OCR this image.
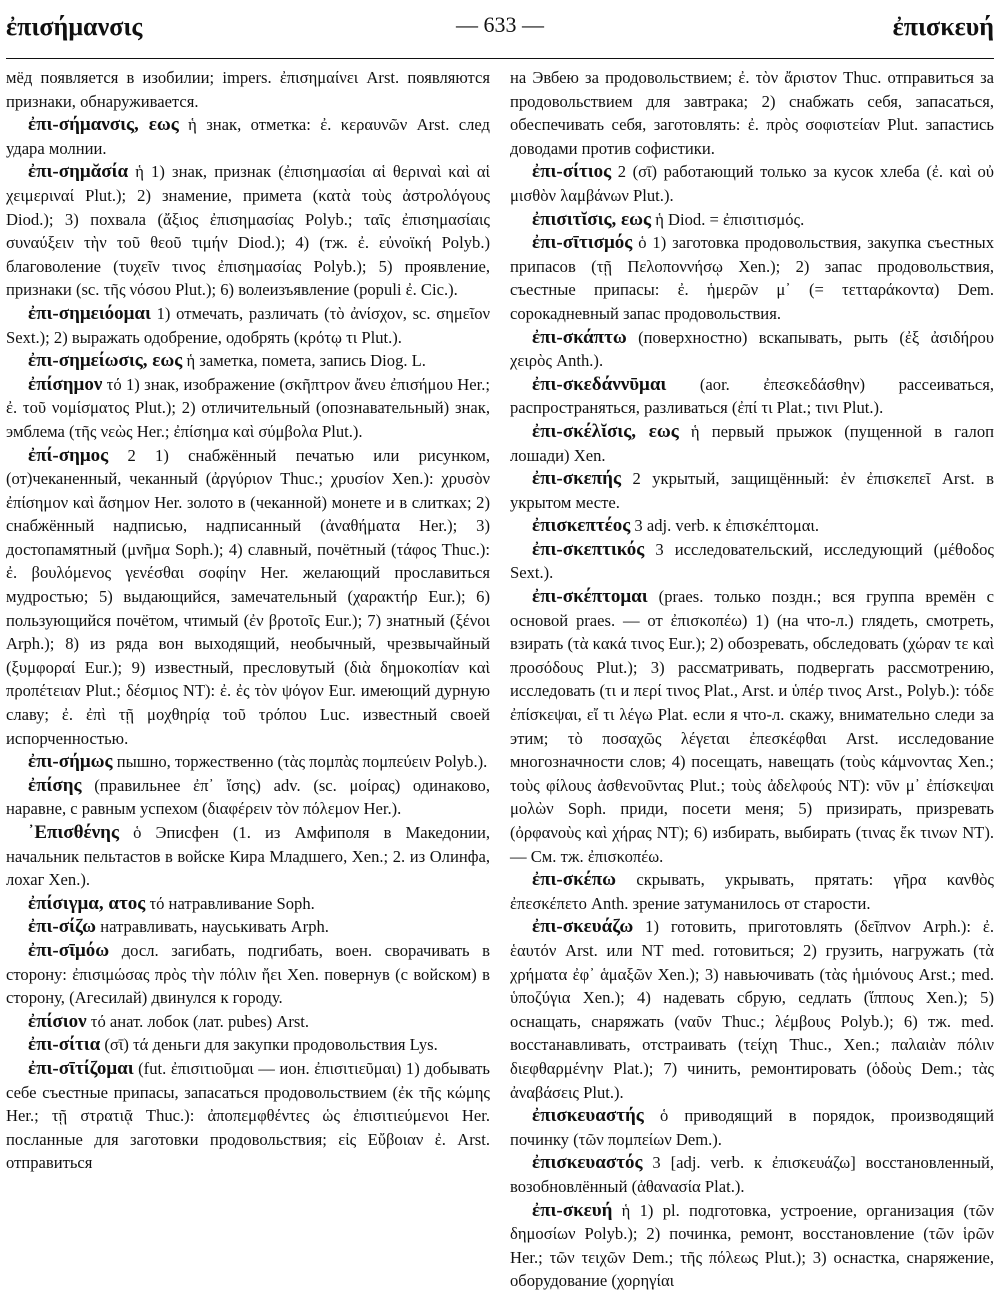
ἐπισήμανσις	— 633 —	ἐπισκευή

мёд появляется в изобилии; impers. ἐπισημαίνει Arst. появляются признаки, обнаруживается.

ἐπι-σήμανσις, εως ἡ знак, отметка: ἐ. κεραυνῶν Arst. след удара молнии.

ἐπι-σημᾰσία ἡ 1) знак, признак (ἐπισημασίαι αἱ θεριναὶ καὶ αἱ χειμεριναί Plut.); 2) знамение, примета (κατὰ τοὺς ἀστρολόγους Diod.); 3) похвала (ἄξιος ἐπισημασίας Polyb.; ταῖς ἐπισημασίαις συναύξειν τὴν τοῦ θεοῦ τιμήν Diod.); 4) (тж. ἐ. εὐνοϊκή Polyb.) благоволение (τυχεῖν τινος ἐπισημασίας Polyb.); 5) проявление, признаки (sc. τῆς νόσου Plut.); 6) волеизъявление (populi ἐ. Cic.).

ἐπι-σημειόομαι 1) отмечать, различать (τὸ ἀνίσχον, sc. σημεῖον Sext.); 2) выражать одобрение, одобрять (κρότῳ τι Plut.).

ἐπι-σημείωσις, εως ἡ заметка, помета, запись Diog. L.

ἐπίσημον τό 1) знак, изображение (σκῆπτρον ἄνευ ἐπισήμου Her.; ἐ. τοῦ νομίσματος Plut.); 2) отличительный (опознавательный) знак, эмблема (τῆς νεὼς Her.; ἐπίσημα καὶ σύμβολα Plut.).

ἐπί-σημος 2 1) снабжённый печатью или рисунком, (от)чеканенный, чеканный (ἀργύριον Thuc.; χρυσίον Xen.): χρυσὸν ἐπίσημον καὶ ἄσημον Her. золото в (чеканной) монете и в слитках; 2) снабжённый надписью, надписанный (ἀναθήματα Her.); 3) достопамятный (μνῆμα Soph.); 4) славный, почётный (τάφος Thuc.): ἐ. βουλόμενος γενέσθαι σοφίην Her. желающий прославиться мудростью; 5) выдающийся, замечательный (χαρακτήρ Eur.); 6) пользующийся почётом, чтимый (ἐν βροτοῖς Eur.); 7) знатный (ξένοι Arph.); 8) из ряда вон выходящий, необычный, чрезвычайный (ξυμφοραί Eur.); 9) известный, пресловутый (διὰ δημοκοπίαν καὶ προπέτειαν Plut.; δέσμιος NT): ἐ. ἐς τὸν ψόγον Eur. имеющий дурную славу; ἐ. ἐπὶ τῇ μοχθηρίᾳ τοῦ τρόπου Luc. известный своей испорченностью.

ἐπι-σήμως пышно, торжественно (τὰς πομπὰς πομπεύειν Polyb.).

ἐπίσης (правильнее ἐπ᾽ ἴσης) adv. (sc. μοίρας) одинаково, наравне, с равным успехом (διαφέρειν τὸν πόλεμον Her.).

᾽Επισθένης ὁ Эписфен (1. из Амфиполя в Македонии, начальник пельтастов в войске Кира Младшего, Xen.; 2. из Олинфа, лохаг Xen.).

ἐπίσιγμα, ατος τό натравливание Soph.

ἐπι-σίζω натравливать, науськивать Arph.

ἐπι-σῑμόω досл. загибать, подгибать, воен. сворачивать в сторону: ἐπισιμώσας πρὸς τὴν πόλιν ἤει Xen. повернув (с войском) в сторону, (Агесилай) двинулся к городу.

ἐπίσιον τό анат. лобок (лат. pubes) Arst.

ἐπι-σίτια (σῑ) τά деньги для закупки продовольствия Lys.

ἐπι-σῑτίζομαι (fut. ἐπισιτιοῦμαι — ион. ἐπισιτιεῦμαι) 1) добывать себе съестные припасы, запасаться продовольствием (ἐκ τῆς κώμης Her.; τῇ στρατιᾷ Thuc.): ἀποπεμφθέντες ὡς ἐπισιτιεύμενοι Her. посланные для заготовки продовольствия; εἰς Εὔβοιαν ἐ. Arst. отправиться

на Эвбею за продовольствием; ἐ. τὸν ἄριστον Thuc. отправиться за продовольствием для завтрака; 2) снабжать себя, запасаться, обеспечивать себя, заготовлять: ἐ. πρὸς σοφιστείαν Plut. запастись доводами против софистики.

ἐπι-σίτιος 2 (σῑ) работающий только за кусок хлеба (ἐ. καὶ οὐ μισθὸν λαμβάνων Plut.).

ἐπισιτῐσις, εως ἡ Diod. = ἐπισιτισμός.

ἐπι-σῑτισμός ὁ 1) заготовка продовольствия, закупка съестных припасов (τῇ Πελοποννήσῳ Xen.); 2) запас продовольствия, съестные припасы: ἐ. ἡμερῶν μ᾽ (= τετταράκοντα) Dem. сорокадневный запас продовольствия.

ἐπι-σκάπτω (поверхностно) вскапывать, рыть (ἐξ ἀσιδήρου χειρὸς Anth.).

ἐπι-σκεδάννῡμαι (aor. ἐπεσκεδάσθην) рассеиваться, распространяться, разливаться (ἐπί τι Plat.; τινι Plut.).

ἐπι-σκέλῐσις, εως ἡ первый прыжок (пущенной в галоп лошади) Xen.

ἐπι-σκεπής 2 укрытый, защищённый: ἐν ἐπισκεπεῖ Arst. в укрытом месте.

ἐπισκεπτέος 3 adj. verb. к ἐπισκέπτομαι.

ἐπι-σκεπτικός 3 исследовательский, исследующий (μέθοδος Sext.).

ἐπι-σκέπτομαι (praes. только поздн.; вся группа времён с основой praes. — от ἐπισκοπέω) 1) (на что-л.) глядеть, смотреть, взирать (τὰ κακά τινος Eur.); 2) обозревать, обследовать (χώραν τε καὶ προσόδους Plut.); 3) рассматривать, подвергать рассмотрению, исследовать (τι и περί τινος Plat., Arst. и ὑπέρ τινος Arst., Polyb.): τόδε ἐπίσκεψαι, εἴ τι λέγω Plat. если я что-л. скажу, внимательно следи за этим; τὸ ποσαχῶς λέγεται ἐπεσκέφθαι Arst. исследование многозначности слов; 4) посещать, навещать (τοὺς κάμνοντας Xen.; τοὺς φίλους ἀσθενοῦντας Plut.; τοὺς ἀδελφούς NT): νῦν μ᾽ ἐπίσκεψαι μολὼν Soph. приди, посети меня; 5) призирать, призревать (ὀρφανοὺς καὶ χήρας NT); 6) избирать, выбирать (τινας ἔκ τινων NT). — См. тж. ἐπισκοπέω.

ἐπι-σκέπω скрывать, укрывать, прятать: γῆρα κανθὸς ἐπεσκέπετο Anth. зрение затуманилось от старости.

ἐπι-σκευάζω 1) готовить, приготовлять (δεῖπνον Arph.): ἐ. ἑαυτόν Arst. или NT med. готовиться; 2) грузить, нагружать (τὰ χρήματα ἐφ᾽ ἁμαξῶν Xen.); 3) навьючивать (τὰς ἡμιόνους Arst.; med. ὑποζύγια Xen.); 4) надевать сбрую, седлать (ἵππους Xen.); 5) оснащать, снаряжать (ναῦν Thuc.; λέμβους Polyb.); 6) тж. med. восстанавливать, отстраивать (τείχη Thuc., Xen.; παλαιὰν πόλιν διεφθαρμένην Plat.); 7) чинить, ремонтировать (ὁδοὺς Dem.; τὰς ἀναβάσεις Plut.).

ἐπισκευαστής ὁ приводящий в порядок, производящий починку (τῶν πομπείων Dem.).

ἐπισκευαστός 3 [adj. verb. к ἐπισκευάζω] восстановленный, возобновлённый (ἀθανασία Plat.).

ἐπι-σκευή ἡ 1) pl. подготовка, устроение, организация (τῶν δημοσίων Polyb.); 2) починка, ремонт, восстановление (τῶν ἱρῶν Her.; τῶν τειχῶν Dem.; τῆς πόλεως Plut.); 3) оснастка, снаряжение, оборудование (χορηγίαι
